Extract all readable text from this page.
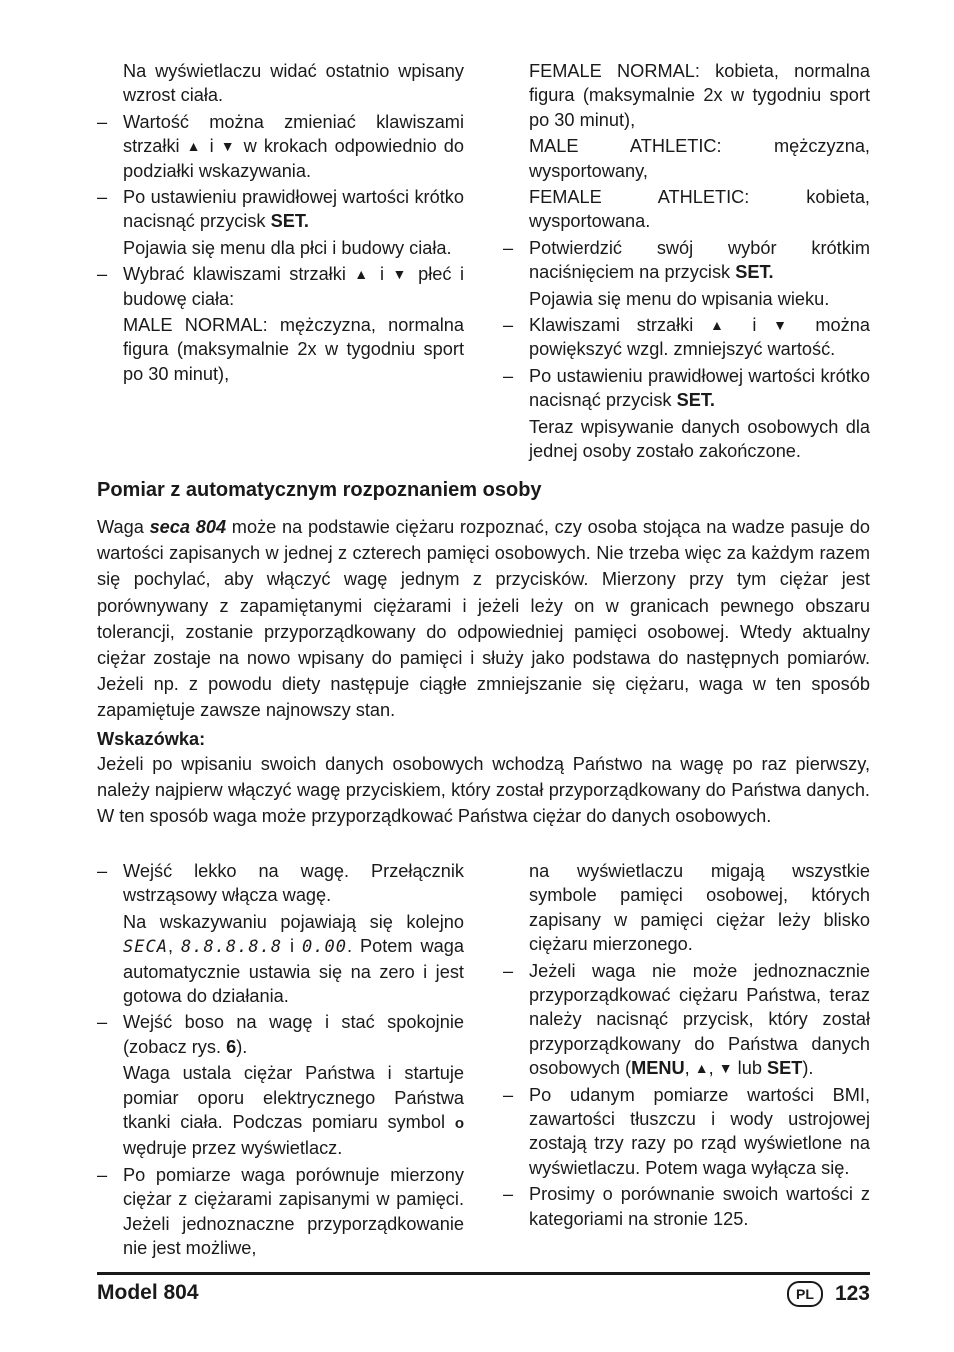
Na wyświetlaczu widać ostatnio wpisany wzrost ciała.
– Wartość można zmieniać klawiszami strzałki ▲ i ▼ w krokach odpowiednio do podziałki wskazywania.
– Po ustawieniu prawidłowej wartości krótko nacisnąć przycisk SET.
Pojawia się menu dla płci i budowy ciała.
– Wybrać klawiszami strzałki ▲ i ▼ płeć i budowę ciała:
MALE NORMAL: mężczyzna, normalna figura (maksymalnie 2x w tygodniu sport po 30 minut),
FEMALE NORMAL: kobieta, normalna figura (maksymalnie 2x w tygodniu sport po 30 minut),
MALE ATHLETIC: mężczyzna, wysportowany,
FEMALE ATHLETIC: kobieta, wysportowana.
– Potwierdzić swój wybór krótkim naciśnięciem na przycisk SET.
Pojawia się menu do wpisania wieku.
– Klawiszami strzałki ▲ i ▼ można powiększyć wzgl. zmniejszyć wartość.
– Po ustawieniu prawidłowej wartości krótko nacisnąć przycisk SET.
Teraz wpisywanie danych osobowych dla jednej osoby zostało zakończone.
Pomiar z automatycznym rozpoznaniem osoby
Waga seca 804 może na podstawie ciężaru rozpoznać, czy osoba stojąca na wadze pasuje do wartości zapisanych w jednej z czterech pamięci osobowych. Nie trzeba więc za każdym razem się pochylać, aby włączyć wagę jednym z przycisków. Mierzony przy tym ciężar jest porównywany z zapamiętanymi ciężarami i jeżeli leży on w granicach pewnego obszaru tolerancji, zostanie przyporządkowany do odpowiedniej pamięci osobowej. Wtedy aktualny ciężar zostaje na nowo wpisany do pamięci i służy jako podstawa do następnych pomiarów. Jeżeli np. z powodu diety następuje ciągłe zmniejszanie się ciężaru, waga w ten sposób zapamiętuje zawsze najnowszy stan.
Wskazówka:
Jeżeli po wpisaniu swoich danych osobowych wchodzą Państwo na wagę po raz pierwszy, należy najpierw włączyć wagę przyciskiem, który został przyporządkowany do Państwa danych. W ten sposób waga może przyporządkować Państwa ciężar do danych osobowych.
– Wejść lekko na wagę. Przełącznik wstrząsowy włącza wagę.
Na wskazywaniu pojawiają się kolejno SECA, 8.8.8.8.8 i 0.00. Potem waga automatycznie ustawia się na zero i jest gotowa do działania.
– Wejść boso na wagę i stać spokojnie (zobacz rys. 6).
Waga ustala ciężar Państwa i startuje pomiar oporu elektrycznego Państwa tkanki ciała. Podczas pomiaru symbol o wędruje przez wyświetlacz.
– Po pomiarze waga porównuje mierzony ciężar z ciężarami zapisanymi w pamięci. Jeżeli jednoznaczne przyporządkowanie nie jest możliwe,
na wyświetlaczu migają wszystkie symbole pamięci osobowej, których zapisany w pamięci ciężar leży blisko ciężaru mierzonego.
– Jeżeli waga nie może jednoznacznie przyporządkować ciężaru Państwa, teraz należy nacisnąć przycisk, który został przyporządkowany do Państwa danych osobowych (MENU, ▲, ▼ lub SET).
– Po udanym pomiarze wartości BMI, zawartości tłuszczu i wody ustrojowej zostają trzy razy po rząd wyświetlone na wyświetlaczu. Potem waga wyłącza się.
– Prosimy o porównanie swoich wartości z kategoriami na stronie 125.
Model 804	PL	123
